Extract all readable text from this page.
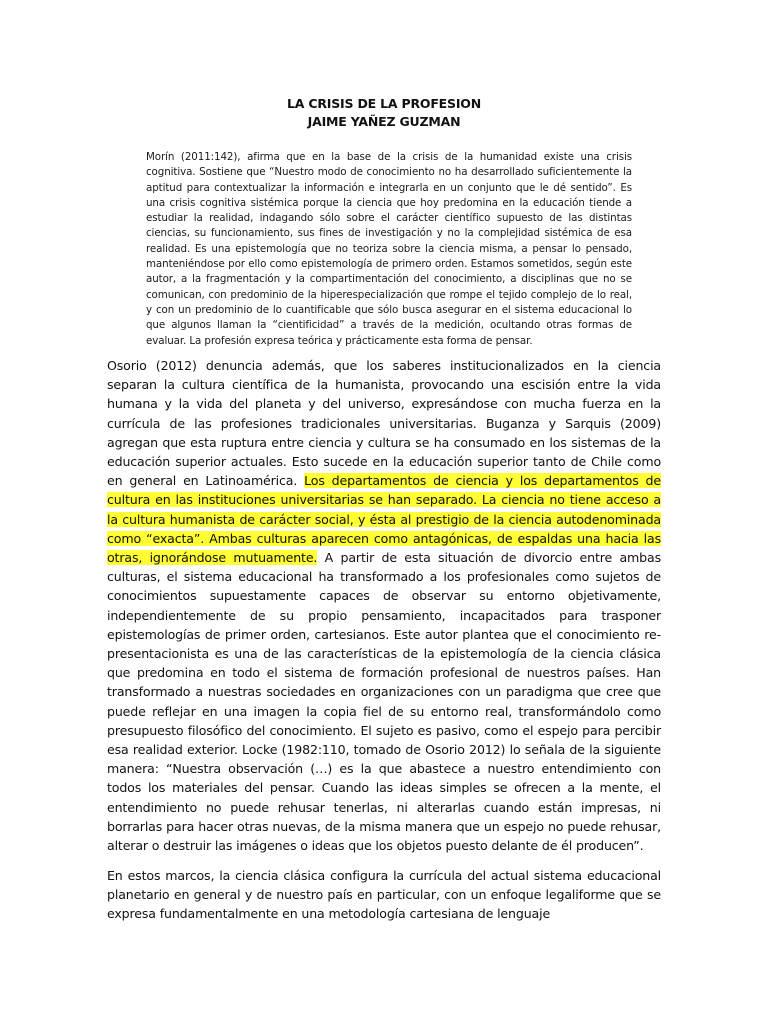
LA CRISIS DE LA PROFESION
JAIME YAÑEZ GUZMAN
Morín (2011:142), afirma que en la base de la crisis de la humanidad existe una crisis cognitiva. Sostiene que “Nuestro modo de conocimiento no ha desarrollado suficientemente la aptitud para contextualizar la información e integrarla en un conjunto que le dé sentido”. Es una crisis cognitiva sistémica porque la ciencia que hoy predomina en la educación tiende a estudiar la realidad, indagando sólo sobre el carácter científico supuesto de las distintas ciencias, su funcionamiento, sus fines de investigación y no la complejidad sistémica de esa realidad. Es una epistemología que no teoriza sobre la ciencia misma, a pensar lo pensado, manteniéndose por ello como epistemología de primero orden. Estamos sometidos, según este autor, a la fragmentación y la compartimentación del conocimiento, a disciplinas que no se comunican, con predominio de la hiperespecialización que rompe el tejido complejo de lo real, y con un predominio de lo cuantificable que sólo busca asegurar en el sistema educacional lo que algunos llaman la “cientificidad” a través de la medición, ocultando otras formas de evaluar. La profesión expresa teórica y prácticamente esta forma de pensar.

Osorio (2012) denuncia además, que los saberes institucionalizados en la ciencia separan la cultura científica de la humanista, provocando una escisión entre la vida humana y la vida del planeta y del universo, expresándose con mucha fuerza en la currícula de las profesiones tradicionales universitarias. Buganza y Sarquis (2009) agregan que esta ruptura entre ciencia y cultura se ha consumado en los sistemas de la educación superior actuales. Esto sucede en la educación superior tanto de Chile como en general en Latinoamérica. Los departamentos de ciencia y los departamentos de cultura en las instituciones universitarias se han separado. La ciencia no tiene acceso a la cultura humanista de carácter social, y ésta al prestigio de la ciencia autodenominada como “exacta”. Ambas culturas aparecen como antagónicas, de espaldas una hacia las otras, ignorándose mutuamente. A partir de esta situación de divorcio entre ambas culturas, el sistema educacional ha transformado a los profesionales como sujetos de conocimientos supuestamente capaces de observar su entorno objetivamente, independientemente de su propio pensamiento, incapacitados para trasponer epistemologías de primer orden, cartesianos. Este autor plantea que el conocimiento re-presentacionista es una de las características de la epistemología de la ciencia clásica que predomina en todo el sistema de formación profesional de nuestros países. Han transformado a nuestras sociedades en organizaciones con un paradigma que cree que puede reflejar en una imagen la copia fiel de su entorno real, transformándolo como presupuesto filosófico del conocimiento. El sujeto es pasivo, como el espejo para percibir esa realidad exterior. Locke (1982:110, tomado de Osorio 2012) lo señala de la siguiente manera: “Nuestra observación (…) es la que abastece a nuestro entendimiento con todos los materiales del pensar. Cuando las ideas simples se ofrecen a la mente, el entendimiento no puede rehusar tenerlas, ni alterarlas cuando están impresas, ni borrarlas para hacer otras nuevas, de la misma manera que un espejo no puede rehusar, alterar o destruir las imágenes o ideas que los objetos puesto delante de él producen”.

En estos marcos, la ciencia clásica configura la currícula del actual sistema educacional planetario en general y de nuestro país en particular, con un enfoque legaliforme que se expresa fundamentalmente en una metodología cartesiana de lenguaje
